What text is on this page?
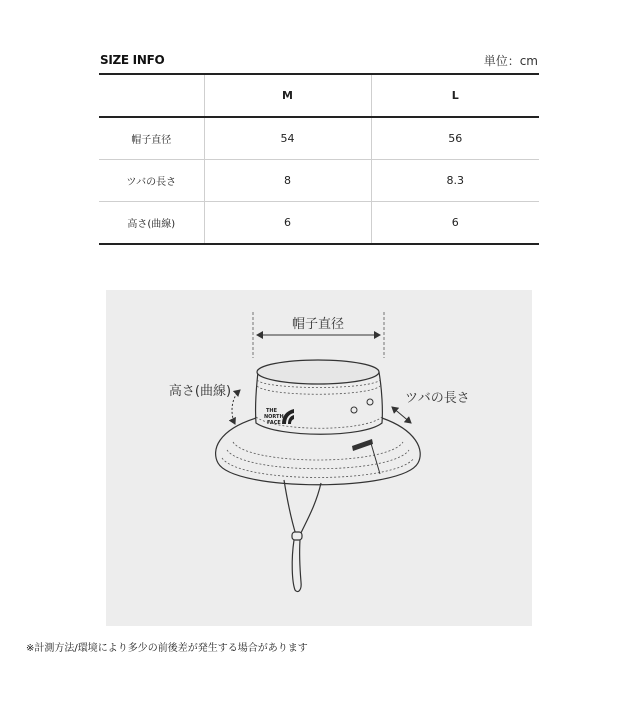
SIZE INFO	単位：cm
	M	L
帽子直径	54	56
ツバの長さ	8	8.3
高さ(曲線)	6	6
帽子直径
THE
NORTH
FACE
高さ(曲線)	ツバの長さ
※計測方法/環境により多少の前後差が発生する場合があります
